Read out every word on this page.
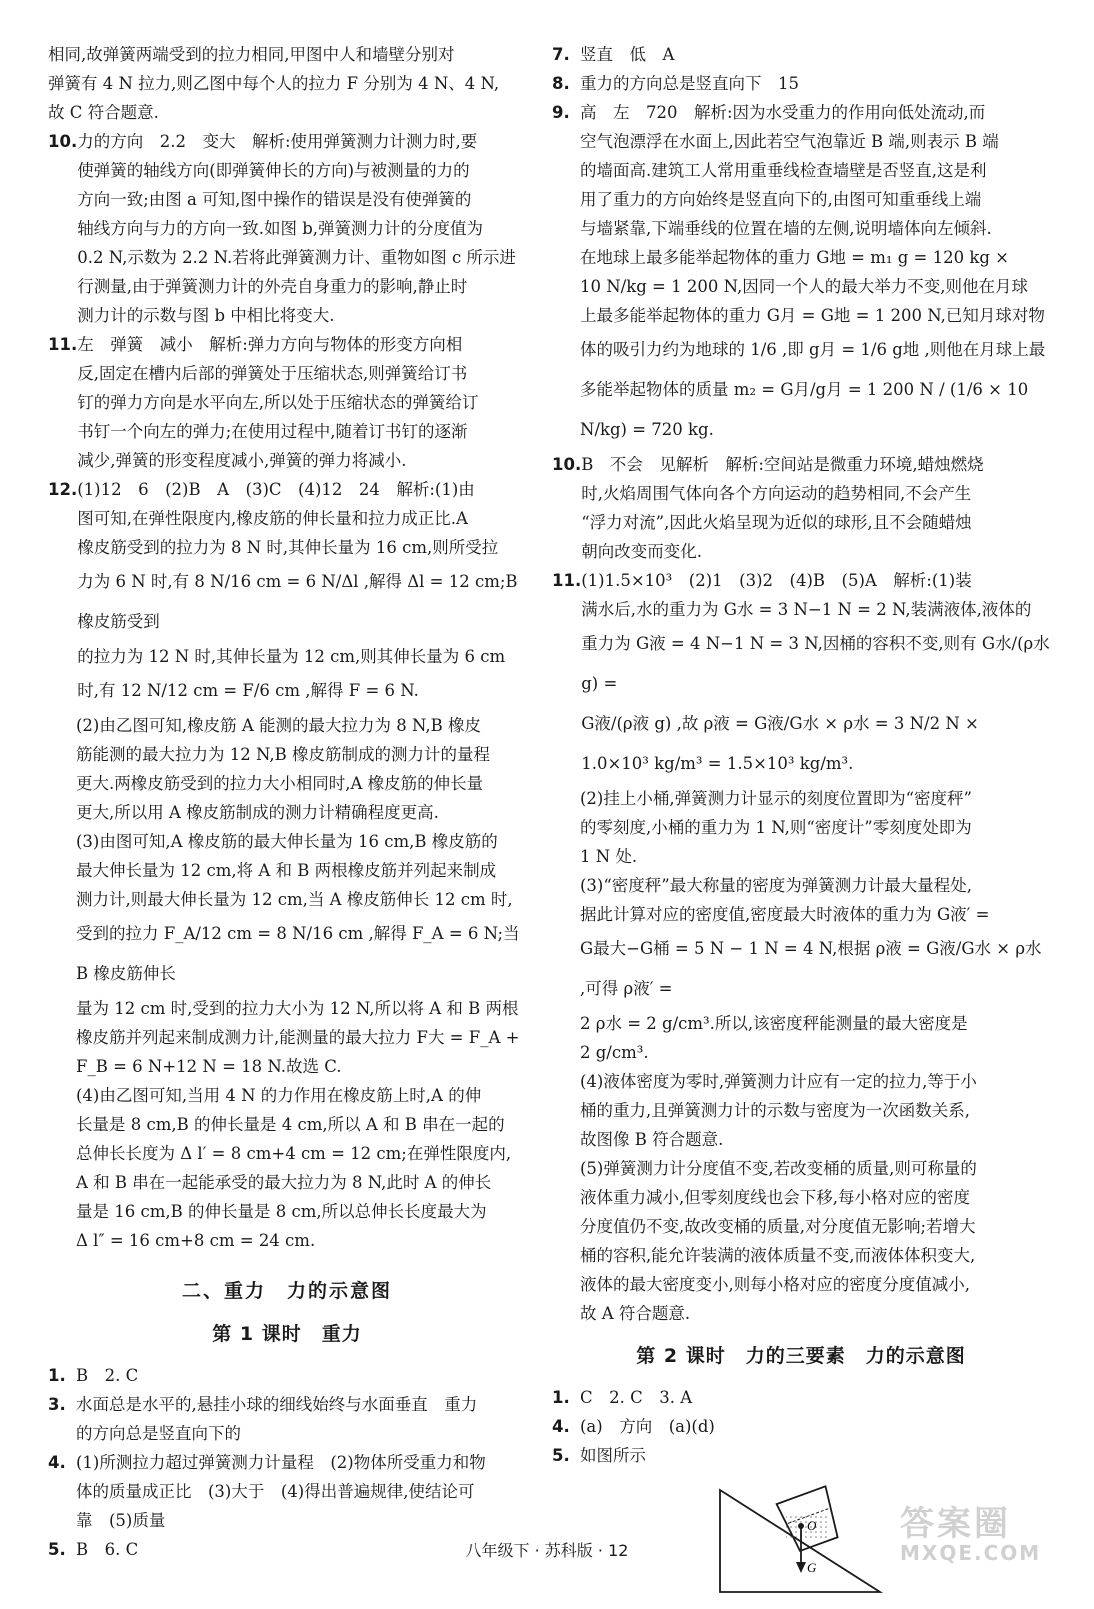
相同,故弹簧两端受到的拉力相同,甲图中人和墙壁分别对
弹簧有 4 N 拉力,则乙图中每个人的拉力 F 分别为 4 N、4 N,
故 C 符合题意.
10. 力的方向　2.2　变大　解析:使用弹簧测力计测力时,要
使弹簧的轴线方向(即弹簧伸长的方向)与被测量的力的
方向一致;由图 a 可知,图中操作的错误是没有使弹簧的
轴线方向与力的方向一致.如图 b,弹簧测力计的分度值为
0.2 N,示数为 2.2 N.若将此弹簧测力计、重物如图 c 所示进
行测量,由于弹簧测力计的外壳自身重力的影响,静止时
测力计的示数与图 b 中相比将变大.
11. 左　弹簧　减小　解析:弹力方向与物体的形变方向相
反,固定在槽内后部的弹簧处于压缩状态,则弹簧给订书
钉的弹力方向是水平向左,所以处于压缩状态的弹簧给订
书钉一个向左的弹力;在使用过程中,随着订书钉的逐渐
减少,弹簧的形变程度减小,弹簧的弹力将减小.
12. (1)12　6　(2)B　A　(3)C　(4)12　24　解析:(1)由
图可知,在弹性限度内,橡皮筋的伸长量和拉力成正比.A
橡皮筋受到的拉力为 8 N 时,其伸长量为 16 cm,则所受拉
力为 6 N 时,有 8 N/16 cm = 6 N/Δl ,解得 Δl = 12 cm;B 橡皮筋受到
的拉力为 12 N 时,其伸长量为 12 cm,则其伸长量为 6 cm
时,有 12 N/12 cm = F/6 cm ,解得 F = 6 N.
(2)由乙图可知,橡皮筋 A 能测的最大拉力为 8 N,B 橡皮
筋能测的最大拉力为 12 N,B 橡皮筋制成的测力计的量程
更大.两橡皮筋受到的拉力大小相同时,A 橡皮筋的伸长量
更大,所以用 A 橡皮筋制成的测力计精确程度更高.
(3)由图可知,A 橡皮筋的最大伸长量为 16 cm,B 橡皮筋的
最大伸长量为 12 cm,将 A 和 B 两根橡皮筋并列起来制成
测力计,则最大伸长量为 12 cm,当 A 橡皮筋伸长 12 cm 时,
受到的拉力 F_A/12 cm = 8 N/16 cm ,解得 F_A = 6 N;当 B 橡皮筋伸长
量为 12 cm 时,受到的拉力大小为 12 N,所以将 A 和 B 两根
橡皮筋并列起来制成测力计,能测量的最大拉力 F大 = F_A +
F_B = 6 N+12 N = 18 N.故选 C.
(4)由乙图可知,当用 4 N 的力作用在橡皮筋上时,A 的伸
长量是 8 cm,B 的伸长量是 4 cm,所以 A 和 B 串在一起的
总伸长长度为 Δ l′ = 8 cm+4 cm = 12 cm;在弹性限度内,
A 和 B 串在一起能承受的最大拉力为 8 N,此时 A 的伸长
量是 16 cm,B 的伸长量是 8 cm,所以总伸长长度最大为
Δ l″ = 16 cm+8 cm = 24 cm.
二、重力　力的示意图
第 1 课时　重力
1. B　2. C
3. 水面总是水平的,悬挂小球的细线始终与水面垂直　重力
的方向总是竖直向下的
4. (1)所测拉力超过弹簧测力计量程　(2)物体所受重力和物
体的质量成正比　(3)大于　(4)得出普遍规律,使结论可
靠　(5)质量
5. B　6. C
7. 竖直　低　A
8. 重力的方向总是竖直向下　15
9. 高　左　720　解析:因为水受重力的作用向低处流动,而
空气泡漂浮在水面上,因此若空气泡靠近 B 端,则表示 B 端
的墙面高.建筑工人常用重垂线检查墙壁是否竖直,这是利
用了重力的方向始终是竖直向下的,由图可知重垂线上端
与墙紧靠,下端垂线的位置在墙的左侧,说明墙体向左倾斜.
在地球上最多能举起物体的重力 G地 = m₁ g = 120 kg ×
10 N/kg = 1 200 N,因同一个人的最大举力不变,则他在月球
上最多能举起物体的重力 G月 = G地 = 1 200 N,已知月球对物
体的吸引力约为地球的 1/6 ,即 g月 = 1/6 g地 ,则他在月球上最
多能举起物体的质量 m₂ = G月/g月 = 1 200 N / (1/6 × 10 N/kg) = 720 kg.
10. B　不会　见解析　解析:空间站是微重力环境,蜡烛燃烧
时,火焰周围气体向各个方向运动的趋势相同,不会产生
“浮力对流”,因此火焰呈现为近似的球形,且不会随蜡烛
朝向改变而变化.
11. (1)1.5×10³　(2)1　(3)2　(4)B　(5)A　解析:(1)装
满水后,水的重力为 G水 = 3 N−1 N = 2 N,装满液体,液体的
重力为 G液 = 4 N−1 N = 3 N,因桶的容积不变,则有 G水/(ρ水 g) =
G液/(ρ液 g) ,故 ρ液 = G液/G水 × ρ水 = 3 N/2 N × 1.0×10³ kg/m³ = 1.5×10³ kg/m³.
(2)挂上小桶,弹簧测力计显示的刻度位置即为“密度秤”
的零刻度,小桶的重力为 1 N,则“密度计”零刻度处即为
1 N 处.
(3)“密度秤”最大称量的密度为弹簧测力计最大量程处,
据此计算对应的密度值,密度最大时液体的重力为 G液′ =
G最大−G桶 = 5 N − 1 N = 4 N,根据 ρ液 = G液/G水 × ρ水 ,可得 ρ液′ =
2 ρ水 = 2 g/cm³.所以,该密度秤能测量的最大密度是
2 g/cm³.
(4)液体密度为零时,弹簧测力计应有一定的拉力,等于小
桶的重力,且弹簧测力计的示数与密度为一次函数关系,
故图像 B 符合题意.
(5)弹簧测力计分度值不变,若改变桶的质量,则可称量的
液体重力减小,但零刻度线也会下移,每小格对应的密度
分度值仍不变,故改变桶的质量,对分度值无影响;若增大
桶的容积,能允许装满的液体质量不变,而液体体积变大,
液体的最大密度变小,则每小格对应的密度分度值减小,
故 A 符合题意.
第 2 课时　力的三要素　力的示意图
1. C　2. C　3. A
4. (a)　方向　(a)(d)
5. 如图所示
O
G
八年级下 · 苏科版 · 12
答案圈
MXQE.COM
